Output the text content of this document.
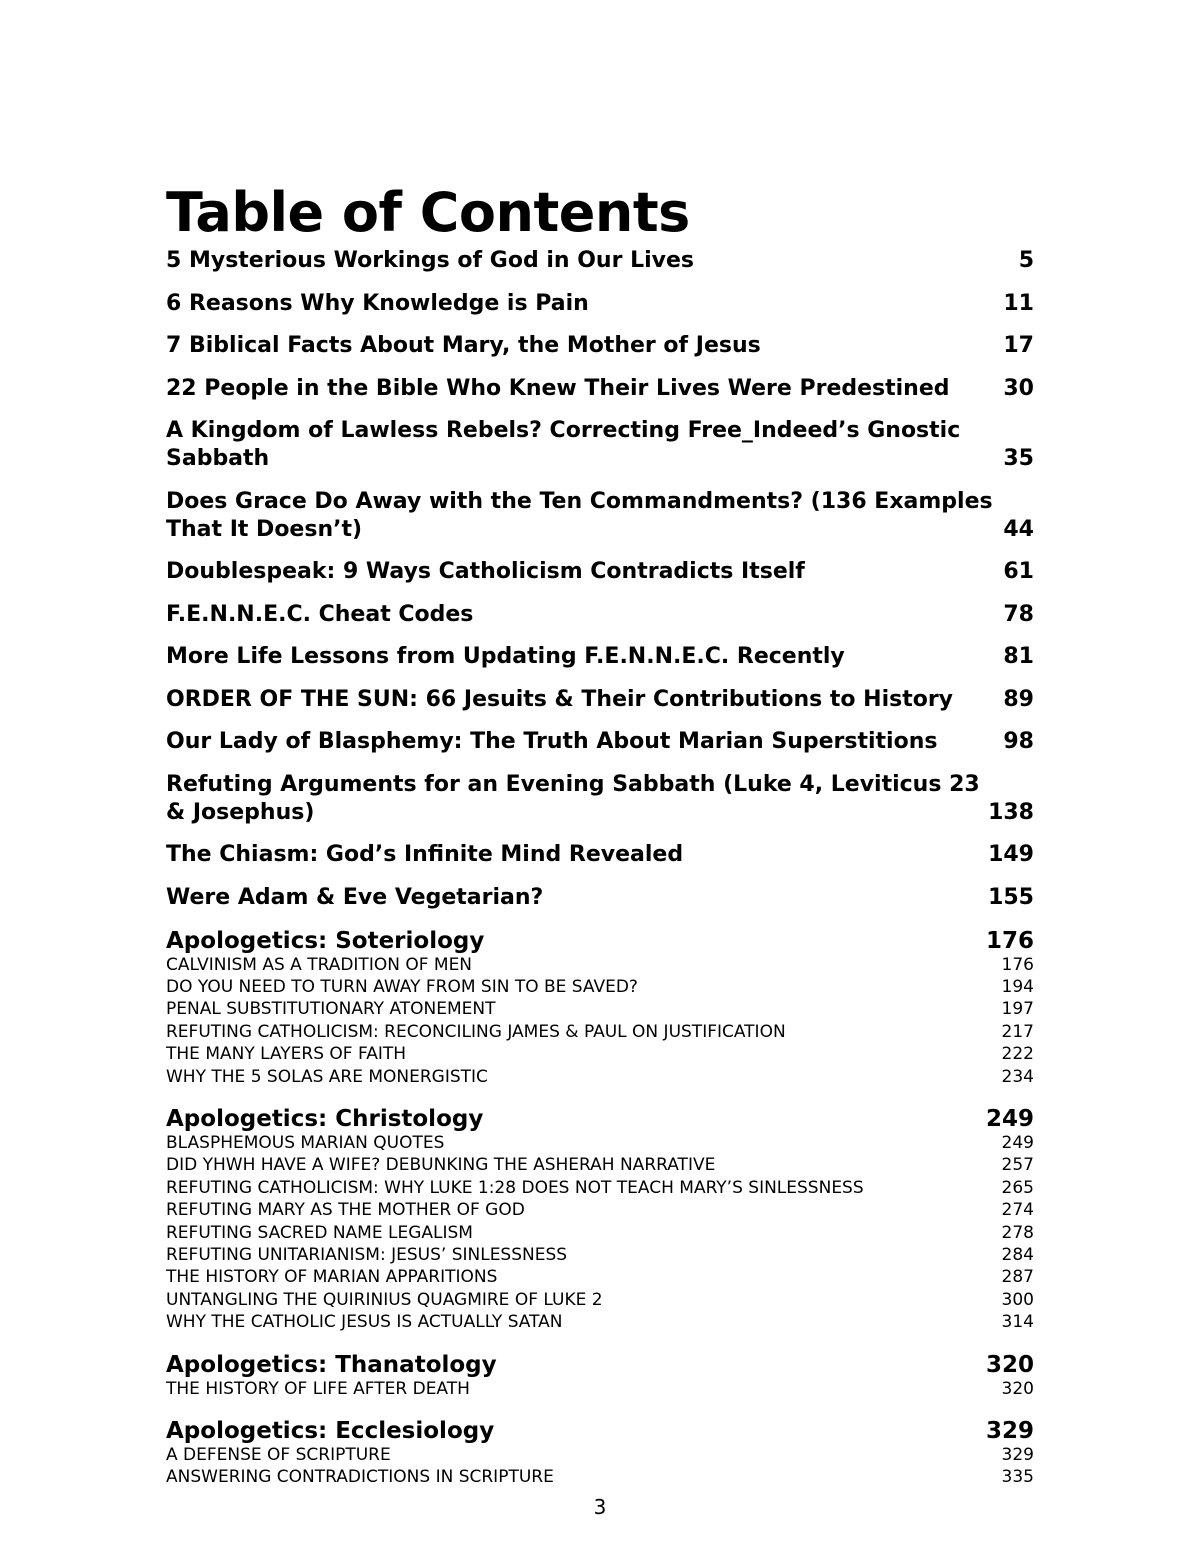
Table of Contents
5 Mysterious Workings of God in Our Lives	5
6 Reasons Why Knowledge is Pain	11
7 Biblical Facts About Mary, the Mother of Jesus	17
22 People in the Bible Who Knew Their Lives Were Predestined	30
A Kingdom of Lawless Rebels? Correcting Free_Indeed’s Gnostic Sabbath	35
Does Grace Do Away with the Ten Commandments? (136 Examples That It Doesn’t)	44
Doublespeak: 9 Ways Catholicism Contradicts Itself	61
F.E.N.N.E.C. Cheat Codes	78
More Life Lessons from Updating F.E.N.N.E.C. Recently	81
ORDER OF THE SUN: 66 Jesuits & Their Contributions to History	89
Our Lady of Blasphemy: The Truth About Marian Superstitions	98
Refuting Arguments for an Evening Sabbath (Luke 4, Leviticus 23 & Josephus)	138
The Chiasm: God’s Infinite Mind Revealed	149
Were Adam & Eve Vegetarian?	155
Apologetics: Soteriology	176
CALVINISM AS A TRADITION OF MEN	176
DO YOU NEED TO TURN AWAY FROM SIN TO BE SAVED?	194
PENAL SUBSTITUTIONARY ATONEMENT	197
REFUTING CATHOLICISM: RECONCILING JAMES & PAUL ON JUSTIFICATION	217
THE MANY LAYERS OF FAITH	222
WHY THE 5 SOLAS ARE MONERGISTIC	234
Apologetics: Christology	249
BLASPHEMOUS MARIAN QUOTES	249
DID YHWH HAVE A WIFE? DEBUNKING THE ASHERAH NARRATIVE	257
REFUTING CATHOLICISM: WHY LUKE 1:28 DOES NOT TEACH MARY’S SINLESSNESS	265
REFUTING MARY AS THE MOTHER OF GOD	274
REFUTING SACRED NAME LEGALISM	278
REFUTING UNITARIANISM: JESUS’ SINLESSNESS	284
THE HISTORY OF MARIAN APPARITIONS	287
UNTANGLING THE QUIRINIUS QUAGMIRE OF LUKE 2	300
WHY THE CATHOLIC JESUS IS ACTUALLY SATAN	314
Apologetics: Thanatology	320
THE HISTORY OF LIFE AFTER DEATH	320
Apologetics: Ecclesiology	329
A DEFENSE OF SCRIPTURE	329
ANSWERING CONTRADICTIONS IN SCRIPTURE	335
3
